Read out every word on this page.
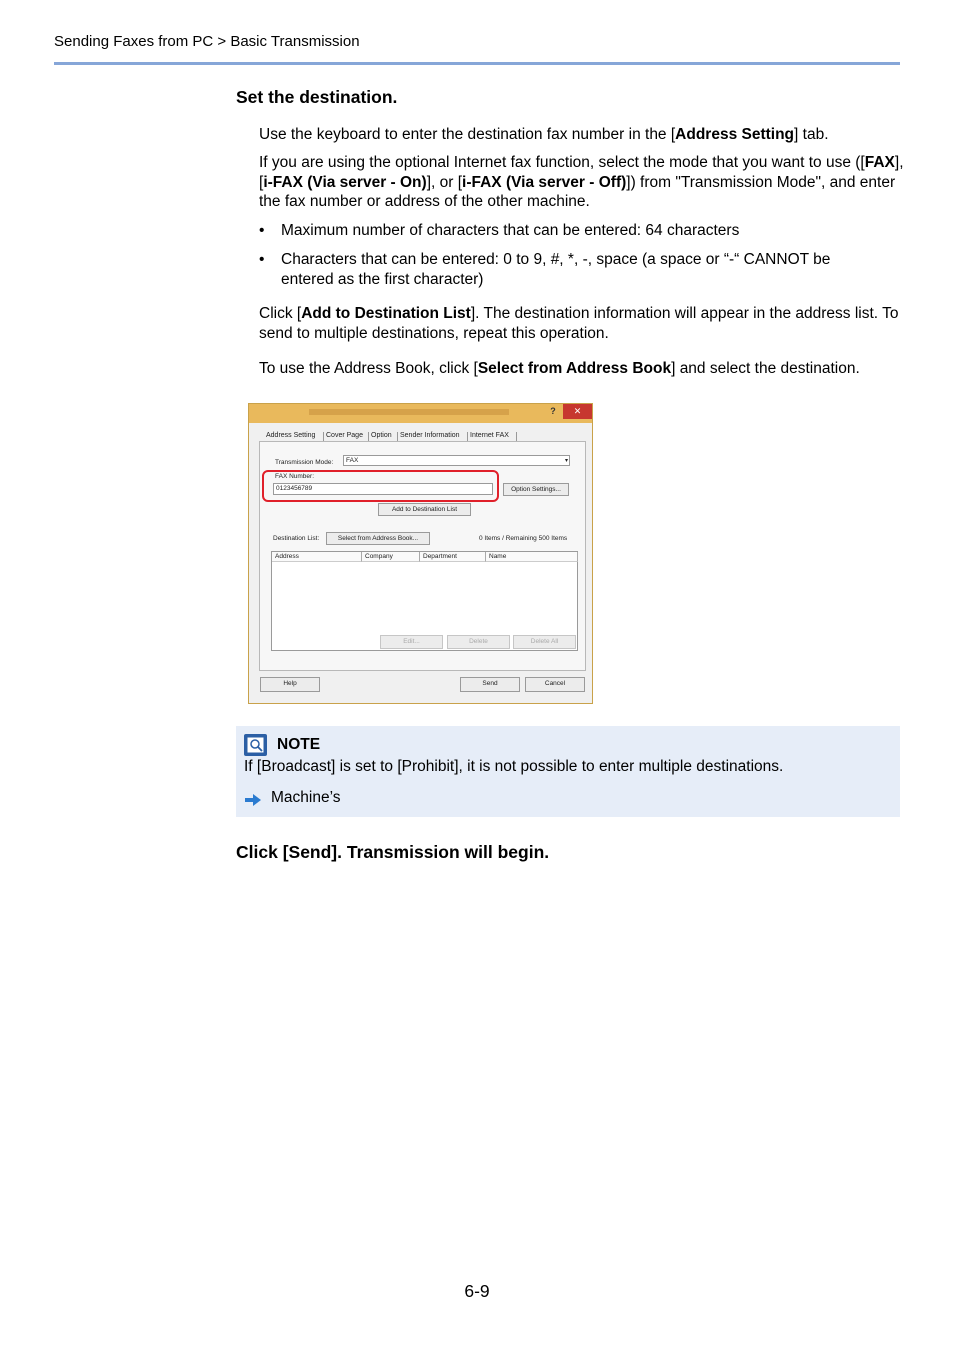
Sending Faxes from PC > Basic Transmission
Set the destination.
Use the keyboard to enter the destination fax number in the [Address Setting] tab.
If you are using the optional Internet fax function, select the mode that you want to use ([FAX], [i-FAX (Via server - On)], or [i-FAX (Via server - Off)]) from "Transmission Mode", and enter the fax number or address of the other machine.
• Maximum number of characters that can be entered: 64 characters
• Characters that can be entered: 0 to 9, #, *, -, space (a space or “-“ CANNOT be entered as the first character)
Click [Add to Destination List]. The destination information will appear in the address list. To send to multiple destinations, repeat this operation.
To use the Address Book, click [Select from Address Book] and select the destination.
?	✕
Address Setting Cover Page Option Sender Information Internet FAX
Transmission Mode:	FAX	▾
FAX Number:
0123456789	Option Settings...
Add to Destination List
Destination List:	Select from Address Book...	0 Items / Remaining 500 Items
Address	Company	Department	Name
Edit...	Delete	Delete All
Help	Send	Cancel
NOTE
If [Broadcast] is set to [Prohibit], it is not possible to enter multiple destinations.
Machine’s
Click [Send]. Transmission will begin.
6-9
